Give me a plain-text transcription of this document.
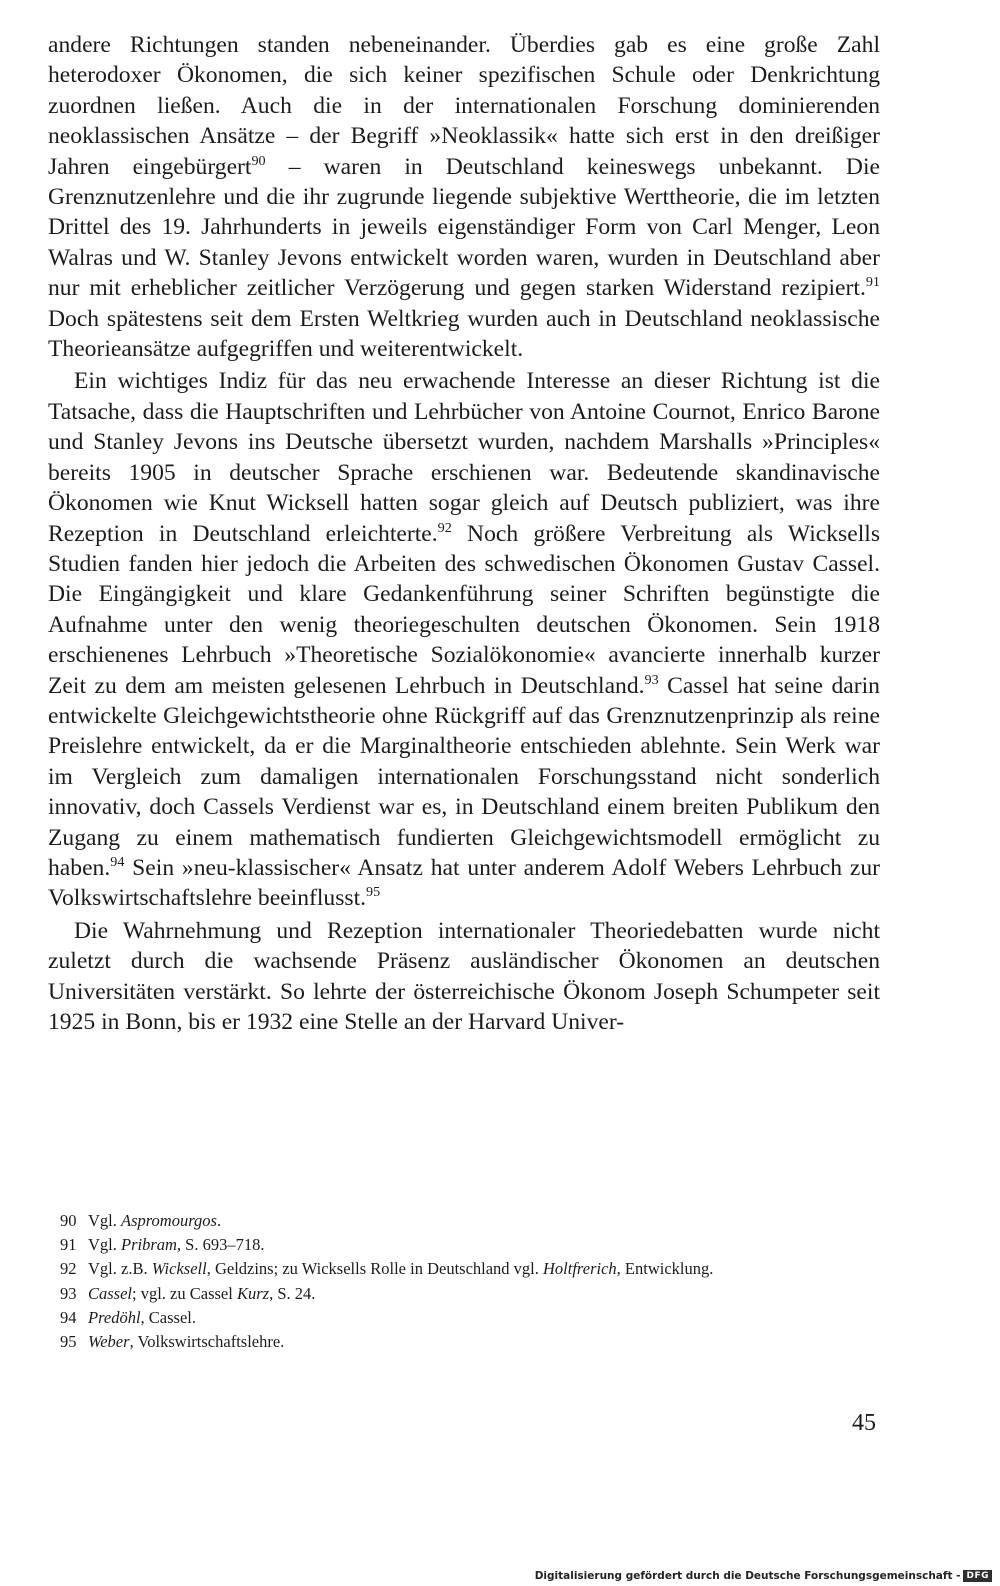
andere Richtungen standen nebeneinander. Überdies gab es eine große Zahl heterodoxer Ökonomen, die sich keiner spezifischen Schule oder Denkrichtung zuordnen ließen. Auch die in der internationalen Forschung dominierenden neoklassischen Ansätze – der Begriff »Neoklassik« hatte sich erst in den dreißiger Jahren eingebürgert$^{90}$ – waren in Deutschland keineswegs unbekannt. Die Grenznutzenlehre und die ihr zugrunde liegende subjektive Werttheorie, die im letzten Drittel des 19. Jahrhunderts in jeweils eigenständiger Form von Carl Menger, Leon Walras und W. Stanley Jevons entwickelt worden waren, wurden in Deutschland aber nur mit erheblicher zeitlicher Verzögerung und gegen starken Widerstand rezipiert.$^{91}$ Doch spätestens seit dem Ersten Weltkrieg wurden auch in Deutschland neoklassische Theorieansätze aufgegriffen und weiterentwickelt.

Ein wichtiges Indiz für das neu erwachende Interesse an dieser Richtung ist die Tatsache, dass die Hauptschriften und Lehrbücher von Antoine Cournot, Enrico Barone und Stanley Jevons ins Deutsche übersetzt wurden, nachdem Marshalls »Principles« bereits 1905 in deutscher Sprache erschienen war. Bedeutende skandinavische Ökonomen wie Knut Wicksell hatten sogar gleich auf Deutsch publiziert, was ihre Rezeption in Deutschland erleichterte.$^{92}$ Noch größere Verbreitung als Wicksells Studien fanden hier jedoch die Arbeiten des schwedischen Ökonomen Gustav Cassel. Die Eingängigkeit und klare Gedankenführung seiner Schriften begünstigte die Aufnahme unter den wenig theoriegeschulten deutschen Ökonomen. Sein 1918 erschienenes Lehrbuch »Theoretische Sozialökonomie« avancierte innerhalb kurzer Zeit zu dem am meisten gelesenen Lehrbuch in Deutschland.$^{93}$ Cassel hat seine darin entwickelte Gleichgewichtstheorie ohne Rückgriff auf das Grenznutzenprinzip als reine Preislehre entwickelt, da er die Marginaltheorie entschieden ablehnte. Sein Werk war im Vergleich zum damaligen internationalen Forschungsstand nicht sonderlich innovativ, doch Cassels Verdienst war es, in Deutschland einem breiten Publikum den Zugang zu einem mathematisch fundierten Gleichgewichtsmodell ermöglicht zu haben.$^{94}$ Sein »neu-klassischer« Ansatz hat unter anderem Adolf Webers Lehrbuch zur Volkswirtschaftslehre beeinflusst.$^{95}$

Die Wahrnehmung und Rezeption internationaler Theoriedebatten wurde nicht zuletzt durch die wachsende Präsenz ausländischer Ökonomen an deutschen Universitäten verstärkt. So lehrte der österreichische Ökonom Joseph Schumpeter seit 1925 in Bonn, bis er 1932 eine Stelle an der Harvard Univer-

90 Vgl. Aspromourgos.
91 Vgl. Pribram, S. 693–718.
92 Vgl. z.B. Wicksell, Geldzins; zu Wicksells Rolle in Deutschland vgl. Holtfrerich, Entwicklung.
93 Cassel; vgl. zu Cassel Kurz, S. 24.
94 Predöhl, Cassel.
95 Weber, Volkswirtschaftslehre.
45
Digitalisierung gefördert durch die Deutsche Forschungsgemeinschaft - DFG
